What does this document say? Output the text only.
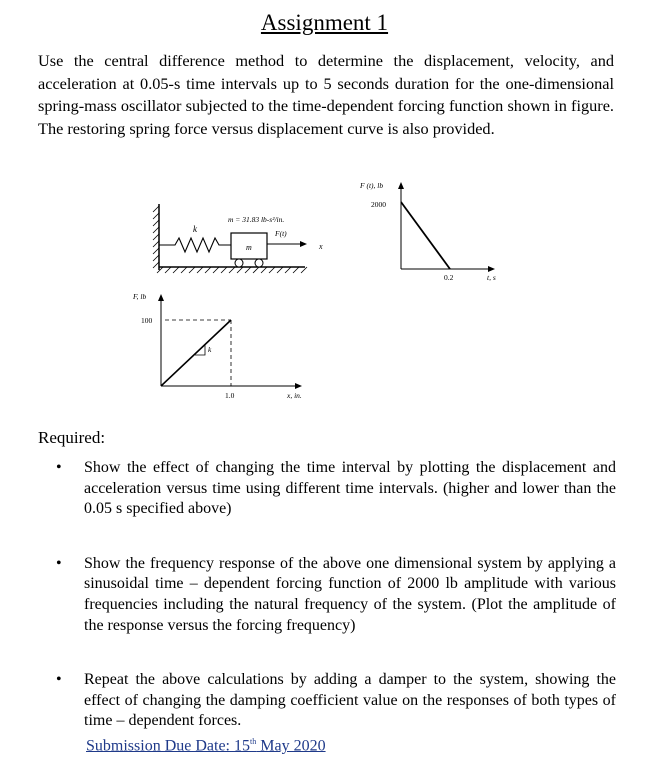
Assignment 1
Use the central difference method to determine the displacement, velocity, and acceleration at 0.05-s time intervals up to 5 seconds duration for the one-dimensional spring-mass oscillator subjected to the time-dependent forcing function shown in figure. The restoring spring force versus displacement curve is also provided.
k
m
m = 31.83 lb-s²/in.
F(t)
x
F (t), lb
2000
0.2	t, s
k
F, lb
100
1.0	x, in.
Required:
• Show the effect of changing the time interval by plotting the displacement and acceleration versus time using different time intervals. (higher and lower than the 0.05 s specified above)
• Show the frequency response of the above one dimensional system by applying a sinusoidal time – dependent forcing function of 2000 lb amplitude with various frequencies including the natural frequency of the system. (Plot the amplitude of the response versus the forcing frequency)
• Repeat the above calculations by adding a damper to the system, showing the effect of changing the damping coefficient value on the responses of both types of time – dependent forces.
Submission Due Date: 15th May 2020
